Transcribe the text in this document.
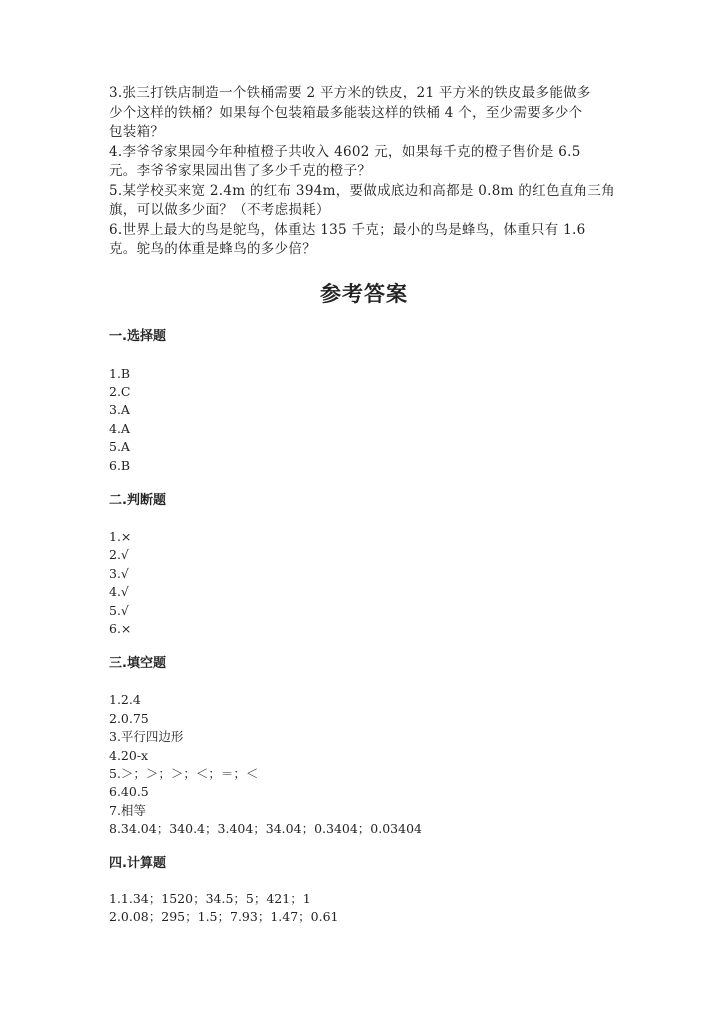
3.张三打铁店制造一个铁桶需要 2 平方米的铁皮，21 平方米的铁皮最多能做多

少个这样的铁桶？如果每个包装箱最多能装这样的铁桶 4 个，至少需要多少个

包装箱？

4.李爷爷家果园今年种植橙子共收入 4602 元，如果每千克的橙子售价是 6.5

元。李爷爷家果园出售了多少千克的橙子？

5.某学校买来宽 2.4m 的红布 394m，要做成底边和高都是 0.8m 的红色直角三角

旗，可以做多少面？（不考虑损耗）

6.世界上最大的鸟是鸵鸟，体重达 135 千克；最小的鸟是蜂鸟，体重只有 1.6

克。鸵鸟的体重是蜂鸟的多少倍？

参考答案
一.选择题
1.B
2.C
3.A
4.A
5.A
6.B
二.判断题
1.×
2.√
3.√
4.√
5.√
6.×
三.填空题
1.2.4
2.0.75
3.平行四边形
4.20-x
5.＞；＞；＞；＜；＝；＜
6.40.5
7.相等
8.34.04；340.4；3.404；34.04；0.3404；0.03404
四.计算题
1.1.34；1520；34.5；5；421；1
2.0.08；295；1.5；7.93；1.47；0.61
